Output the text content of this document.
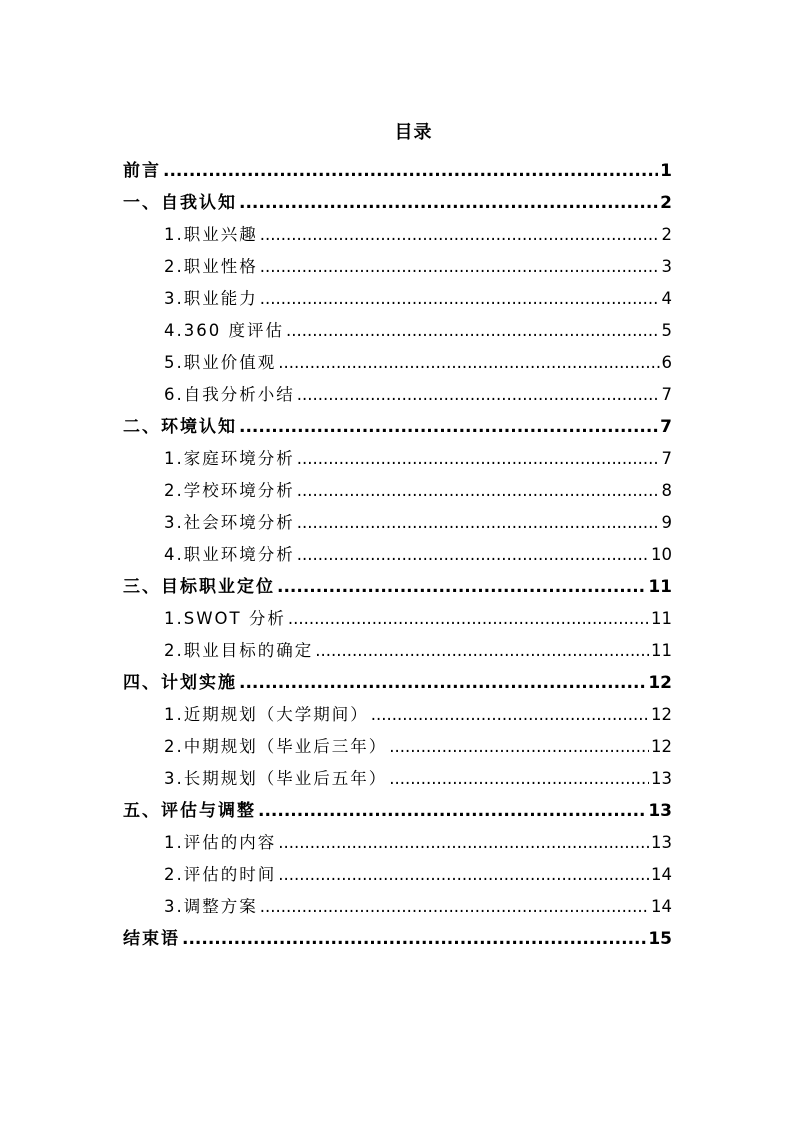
目录
前言 .....	1
一、自我认知 .....	2
1.职业兴趣 .....	2
2.职业性格 .....	3
3.职业能力 .....	4
4.360 度评估 .....	5
5.职业价值观 .....	6
6.自我分析小结 .....	7
二、环境认知 .....	7
1.家庭环境分析 .....	7
2.学校环境分析 .....	8
3.社会环境分析 .....	9
4.职业环境分析 .....	10
三、目标职业定位 .....	11
1.SWOT 分析 .....	11
2.职业目标的确定 .....	11
四、计划实施 .....	12
1.近期规划（大学期间） .....	12
2.中期规划（毕业后三年） .....	12
3.长期规划（毕业后五年） .....	13
五、评估与调整 .....	13
1.评估的内容 .....	13
2.评估的时间 .....	14
3.调整方案 .....	14
结束语 .....	15
